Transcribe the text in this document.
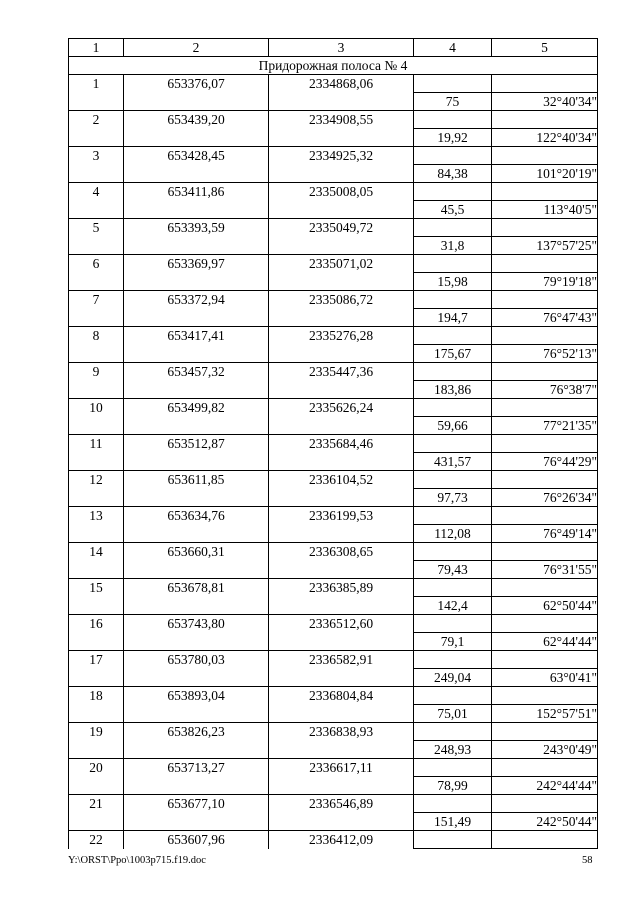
1	2	3	4	5
Придорожная полоса № 4				
1	653376,07	2334868,06		
			75	32°40'34"
2	653439,20	2334908,55		
			19,92	122°40'34"
3	653428,45	2334925,32		
			84,38	101°20'19"
4	653411,86	2335008,05		
			45,5	113°40'5"
5	653393,59	2335049,72		
			31,8	137°57'25"
6	653369,97	2335071,02		
			15,98	79°19'18"
7	653372,94	2335086,72		
			194,7	76°47'43"
8	653417,41	2335276,28		
			175,67	76°52'13"
9	653457,32	2335447,36		
			183,86	76°38'7"
10	653499,82	2335626,24		
			59,66	77°21'35"
11	653512,87	2335684,46		
			431,57	76°44'29"
12	653611,85	2336104,52		
			97,73	76°26'34"
13	653634,76	2336199,53		
			112,08	76°49'14"
14	653660,31	2336308,65		
			79,43	76°31'55"
15	653678,81	2336385,89		
			142,4	62°50'44"
16	653743,80	2336512,60		
			79,1	62°44'44"
17	653780,03	2336582,91		
			249,04	63°0'41"
18	653893,04	2336804,84		
			75,01	152°57'51"
19	653826,23	2336838,93		
			248,93	243°0'49"
20	653713,27	2336617,11		
			78,99	242°44'44"
21	653677,10	2336546,89		
			151,49	242°50'44"
22	653607,96	2336412,09		
Y:\ORST\Ppo\1003p715.f19.doc	58
